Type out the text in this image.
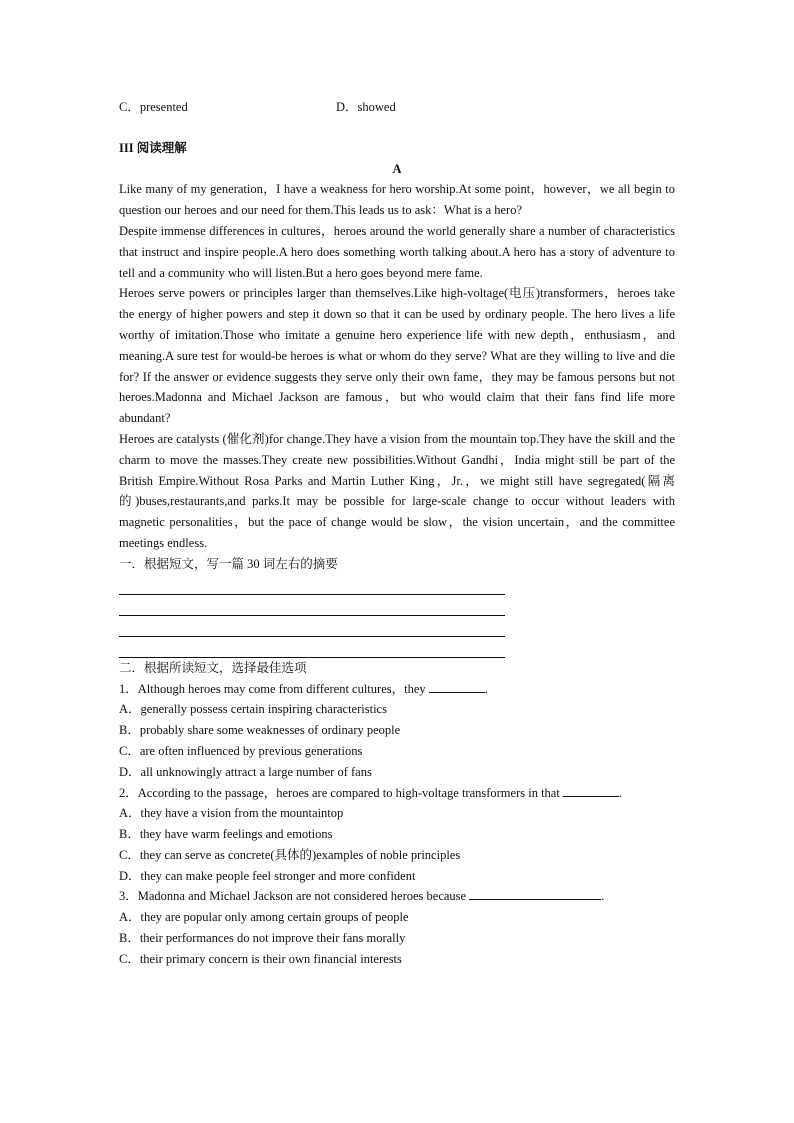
C．presented	D．showed
III 阅读理解
A
Like many of my generation，I have a weakness for hero worship.At some point，however，we all begin to question our heroes and our need for them.This leads us to ask：What is a hero?
Despite immense differences in cultures，heroes around the world generally share a number of characteristics that instruct and inspire people.A hero does something worth talking about.A hero has a story of adventure to tell and a community who will listen.But a hero goes beyond mere fame.
Heroes serve powers or principles larger than themselves.Like high-voltage(电压)transformers，heroes take the energy of higher powers and step it down so that it can be used by ordinary people. The hero lives a life worthy of imitation.Those who imitate a genuine hero experience life with new depth，enthusiasm，and meaning.A sure test for would-be heroes is what or whom do they serve? What are they willing to live and die for? If the answer or evidence suggests they serve only their own fame，they may be famous persons but not heroes.Madonna and Michael Jackson are famous，but who would claim that their fans find life more abundant?
Heroes are catalysts (催化剂)for change.They have a vision from the mountain top.They have the skill and the charm to move the masses.They create new possibilities.Without Gandhi，India might still be part of the British Empire.Without Rosa Parks and Martin Luther King，Jr.，we might still have segregated(隔离的)buses,restaurants,and parks.It may be possible for large-scale change to occur without leaders with magnetic personalities，but the pace of change would be slow，the vision uncertain，and the committee meetings endless.
一．根据短文，写一篇 30 词左右的摘要
二．根据所读短文，选择最佳选项
1．Although heroes may come from different cultures，they	.
A．generally possess certain inspiring characteristics
B．probably share some weaknesses of ordinary people
C．are often influenced by previous generations
D．all unknowingly attract a large number of fans
2．According to the passage，heroes are compared to high-voltage transformers in that	.
A．they have a vision from the mountaintop
B．they have warm feelings and emotions
C．they can serve as concrete(具体的)examples of noble principles
D．they can make people feel stronger and more confident
3．Madonna and Michael Jackson are not considered heroes because	.
A．they are popular only among certain groups of people
B．their performances do not improve their fans morally
C．their primary concern is their own financial interests
